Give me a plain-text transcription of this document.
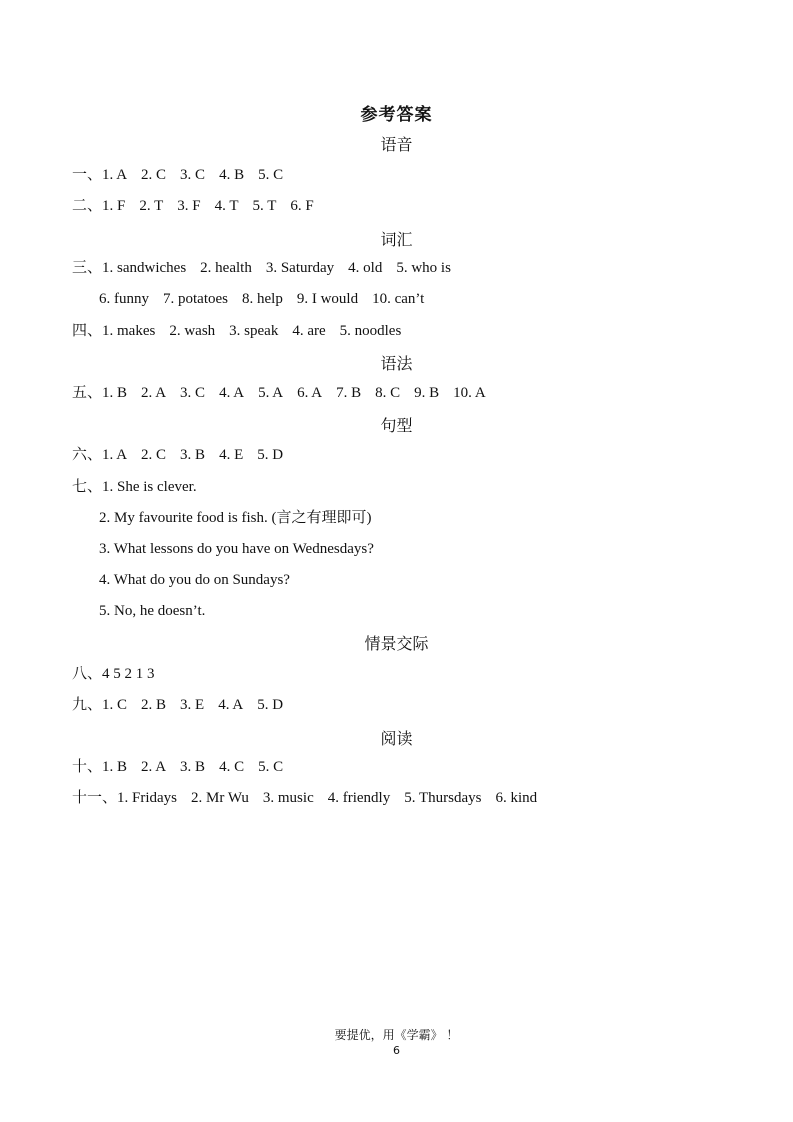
参考答案
语音
一、1. A 2. C 3. C 4. B 5. C
二、1. F 2. T 3. F 4. T 5. T 6. F
词汇
三、1. sandwiches 2. health 3. Saturday 4. old 5. who is
6. funny 7. potatoes 8. help 9. I would 10. can’t
四、1. makes 2. wash 3. speak 4. are 5. noodles
语法
五、1. B 2. A 3. C 4. A 5. A 6. A 7. B 8. C 9. B 10. A
句型
六、1. A 2. C 3. B 4. E 5. D
七、1. She is clever.
2. My favourite food is fish. (言之有理即可)
3. What lessons do you have on Wednesdays?
4. What do you do on Sundays?
5. No, he doesn’t.
情景交际
八、4 5 2 1 3
九、1. C 2. B 3. E 4. A 5. D
阅读
十、1. B 2. A 3. B 4. C 5. C
十一、1. Fridays 2. Mr Wu 3. music 4. friendly 5. Thursdays 6. kind
要提优，用《学霸》 ！
6
